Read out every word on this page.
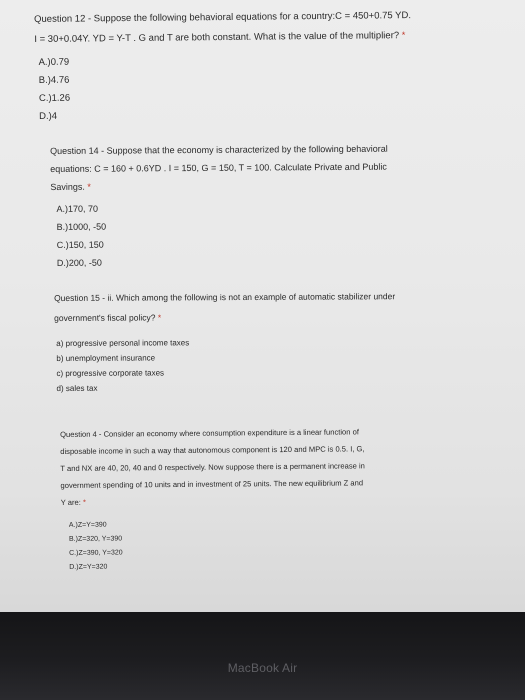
Question 12 - Suppose the following behavioral equations for a country:C = 450+0.75 YD.
I = 30+0.04Y. YD = Y-T . G and T are both constant. What is the value of the multiplier? *
A.)0.79
B.)4.76
C.)1.26
D.)4
Question 14 - Suppose that the economy is characterized by the following behavioral
equations: C = 160 + 0.6YD . I = 150, G = 150, T = 100. Calculate Private and Public
Savings. *
A.)170, 70
B.)1000, -50
C.)150, 150
D.)200, -50
Question 15 - ii. Which among the following is not an example of automatic stabilizer under
government's fiscal policy? *
a) progressive personal income taxes
b) unemployment insurance
c) progressive corporate taxes
d) sales tax
Question 4 - Consider an economy where consumption expenditure is a linear function of
disposable income in such a way that autonomous component is 120 and MPC is 0.5. I, G,
T and NX are 40, 20, 40 and 0 respectively. Now suppose there is a permanent increase in
government spending of 10 units and in investment of 25 units. The new equilibrium Z and
Y are: *
A.)Z=Y=390
B.)Z=320, Y=390
C.)Z=390, Y=320
D.)Z=Y=320
MacBook Air
